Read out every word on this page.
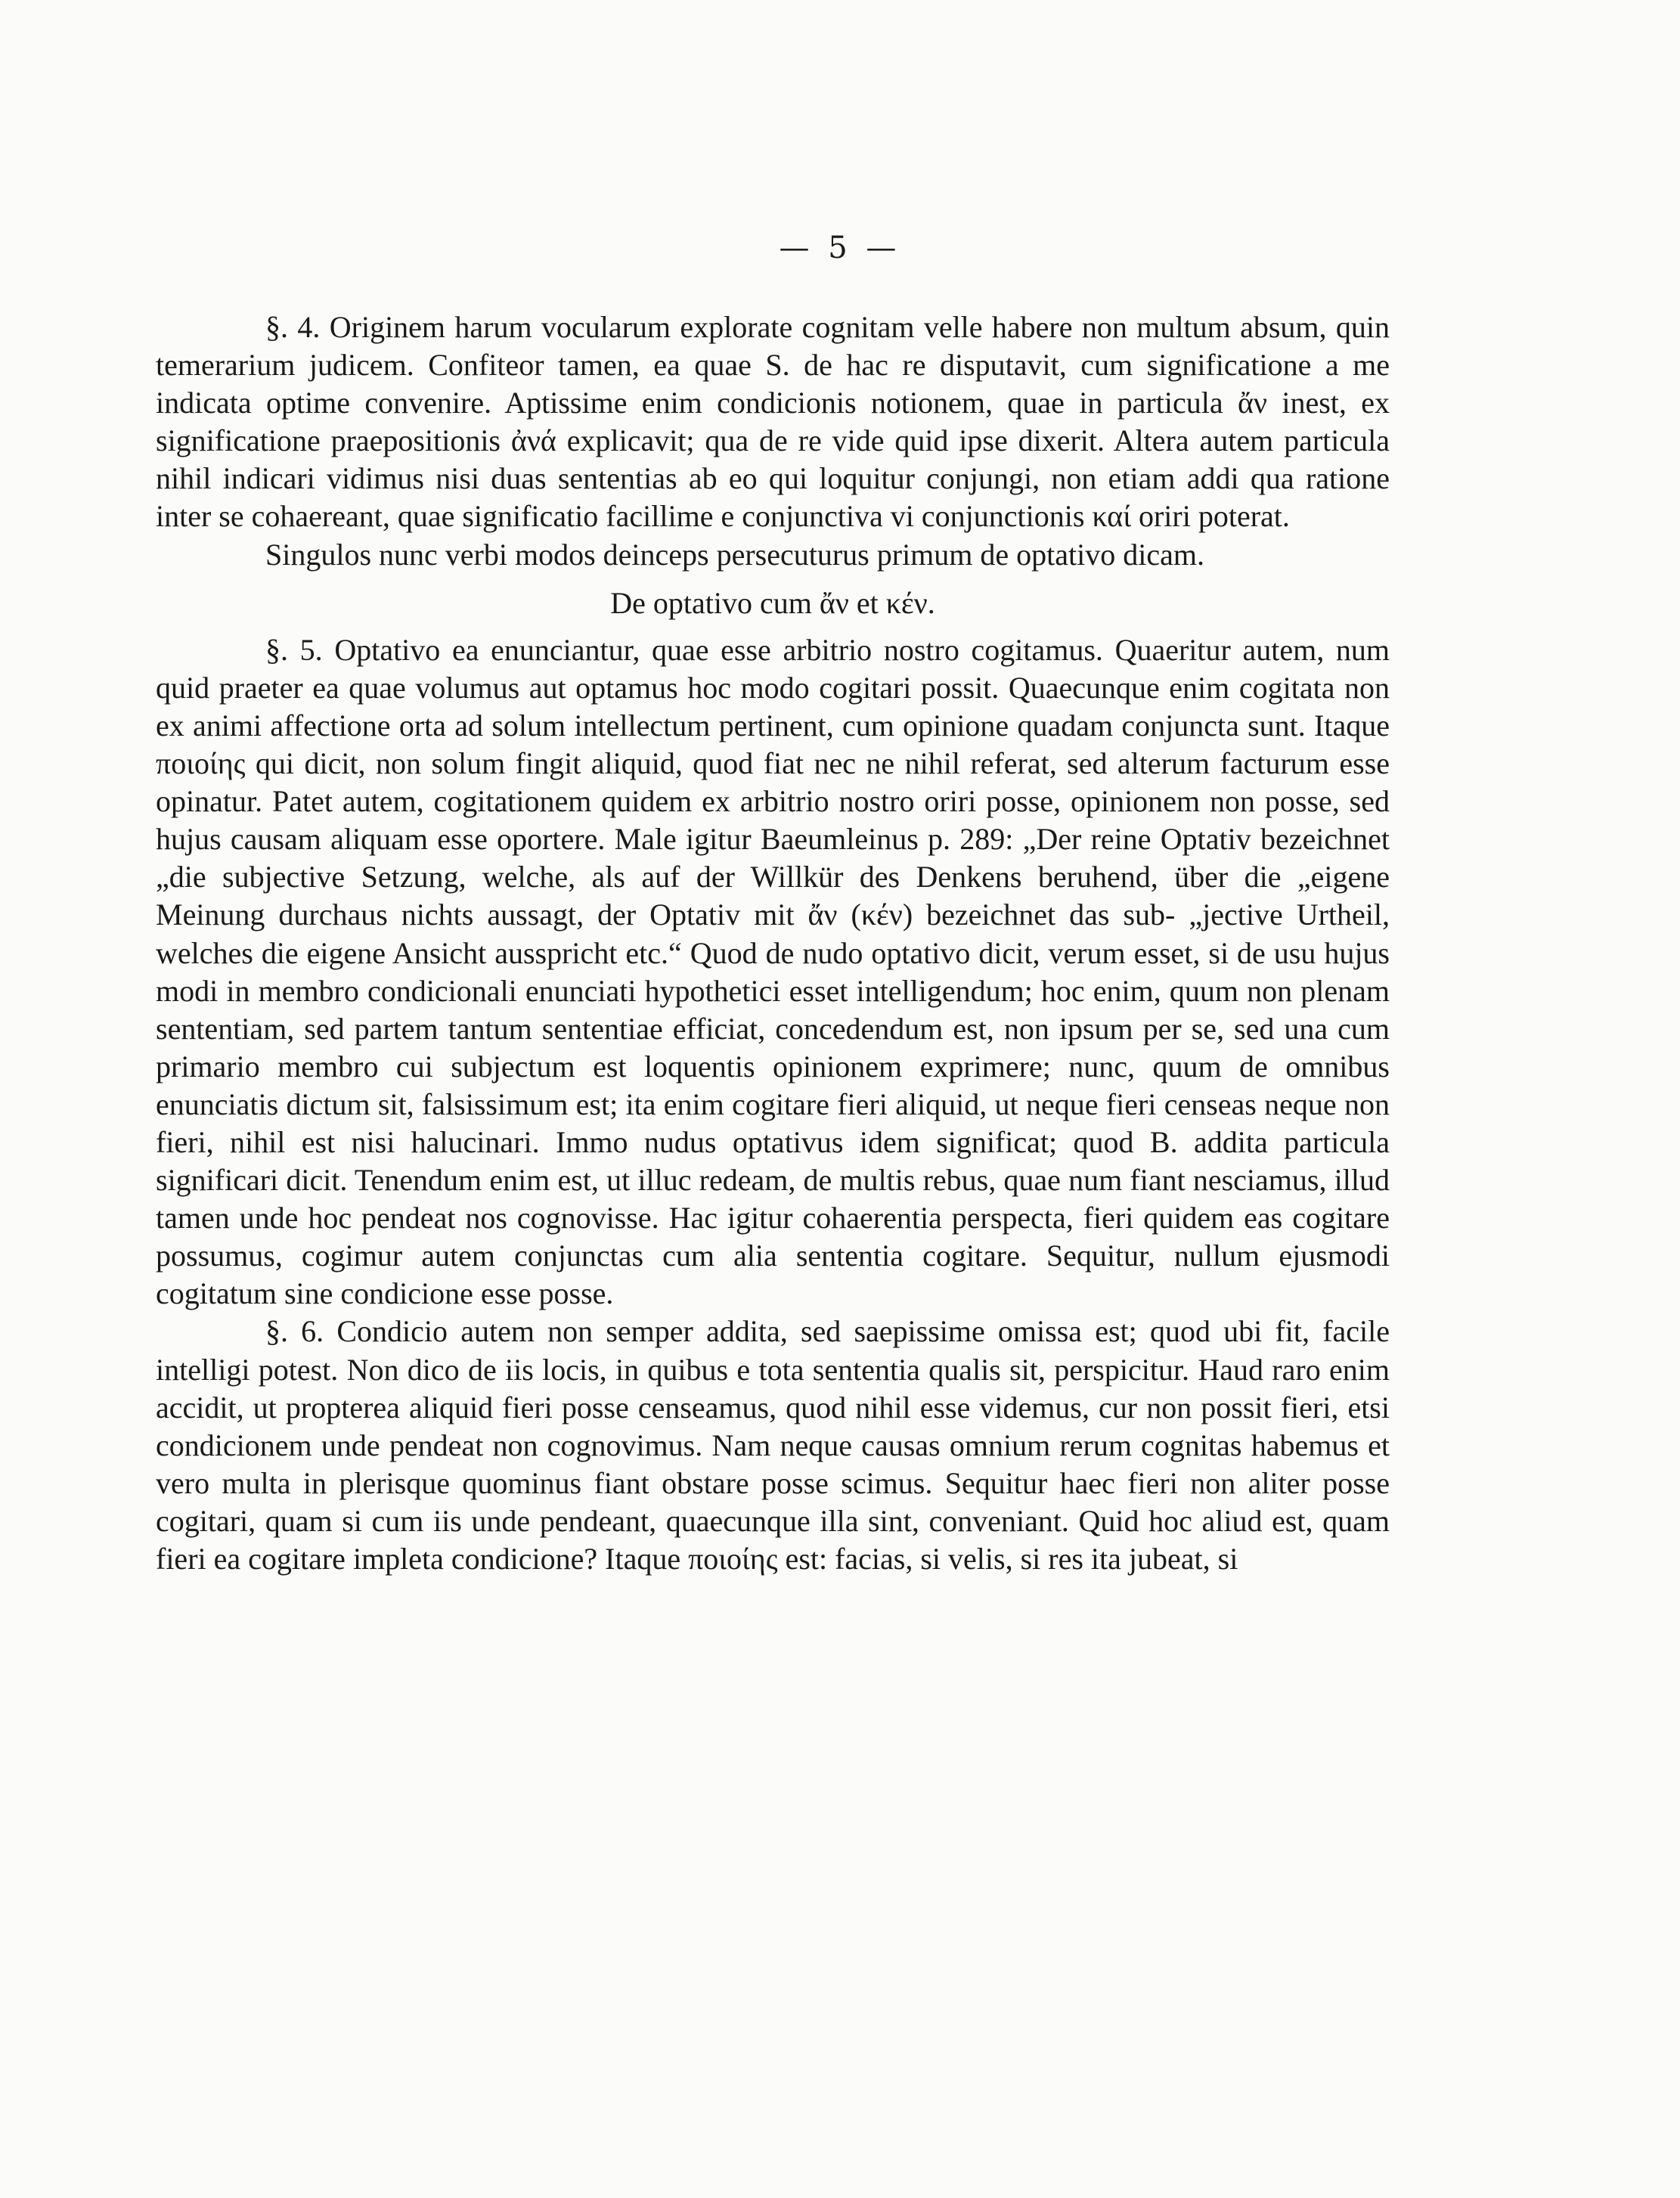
— 5 —

§. 4. Originem harum vocularum explorate cognitam velle habere non multum absum, quin temerarium judicem. Confiteor tamen, ea quae S. de hac re disputavit, cum significatione a me indicata optime convenire. Aptissime enim condicionis notionem, quae in particula ἄν inest, ex significatione praepositionis ἀνά explicavit; qua de re vide quid ipse dixerit. Altera autem particula nihil indicari vidimus nisi duas sententias ab eo qui loquitur conjungi, non etiam addi qua ratione inter se cohaereant, quae significatio facillime e conjunctiva vi conjunctionis καί oriri poterat.

Singulos nunc verbi modos deinceps persecuturus primum de optativo dicam.

De optativo cum ἄν et κέν.

§. 5. Optativo ea enunciantur, quae esse arbitrio nostro cogitamus. Quaeritur autem, num quid praeter ea quae volumus aut optamus hoc modo cogitari possit. Quaecunque enim cogitata non ex animi affectione orta ad solum intellectum pertinent, cum opinione quadam conjuncta sunt. Itaque ποιοίης qui dicit, non solum fingit aliquid, quod fiat nec ne nihil referat, sed alterum facturum esse opinatur. Patet autem, cogitationem quidem ex arbitrio nostro oriri posse, opinionem non posse, sed hujus causam aliquam esse oportere. Male igitur Baeumleinus p. 289: „Der reine Optativ bezeichnet „die subjective Setzung, welche, als auf der Willkür des Denkens beruhend, über die „eigene Meinung durchaus nichts aussagt, der Optativ mit ἄν (κέν) bezeichnet das sub- „jective Urtheil, welches die eigene Ansicht ausspricht etc.“ Quod de nudo optativo dicit, verum esset, si de usu hujus modi in membro condicionali enunciati hypothetici esset intelligendum; hoc enim, quum non plenam sententiam, sed partem tantum sententiae efficiat, concedendum est, non ipsum per se, sed una cum primario membro cui subjectum est loquentis opinionem exprimere; nunc, quum de omnibus enunciatis dictum sit, falsissimum est; ita enim cogitare fieri aliquid, ut neque fieri censeas neque non fieri, nihil est nisi halucinari. Immo nudus optativus idem significat; quod B. addita particula significari dicit. Tenendum enim est, ut illuc redeam, de multis rebus, quae num fiant nesciamus, illud tamen unde hoc pendeat nos cognovisse. Hac igitur cohaerentia perspecta, fieri quidem eas cogitare possumus, cogimur autem conjunctas cum alia sententia cogitare. Sequitur, nullum ejusmodi cogitatum sine condicione esse posse.

§. 6. Condicio autem non semper addita, sed saepissime omissa est; quod ubi fit, facile intelligi potest. Non dico de iis locis, in quibus e tota sententia qualis sit, perspicitur. Haud raro enim accidit, ut propterea aliquid fieri posse censeamus, quod nihil esse videmus, cur non possit fieri, etsi condicionem unde pendeat non cognovimus. Nam neque causas omnium rerum cognitas habemus et vero multa in plerisque quominus fiant obstare posse scimus. Sequitur haec fieri non aliter posse cogitari, quam si cum iis unde pendeant, quaecunque illa sint, conveniant. Quid hoc aliud est, quam fieri ea cogitare impleta condicione? Itaque ποιοίης est: facias, si velis, si res ita jubeat, si
